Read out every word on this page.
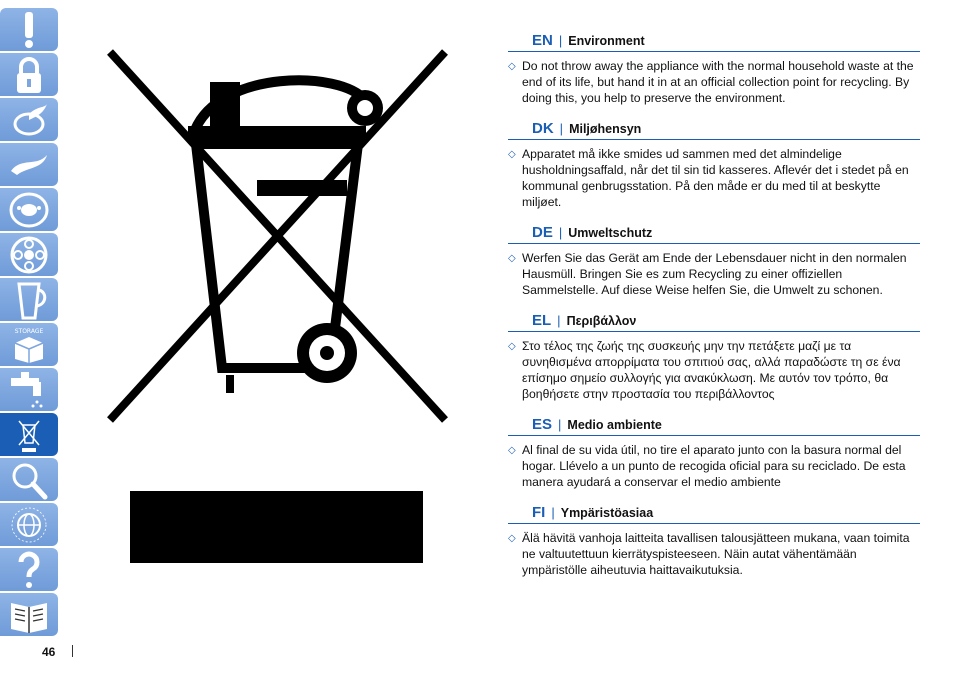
STORAGE
46
EN | Environment
◇ Do not throw away the appliance with the normal household waste at the end of its life, but hand it in at an official collection point for recycling. By doing this, you help to preserve the environment.
DK | Miljøhensyn
◇ Apparatet må ikke smides ud sammen med det almindelige husholdningsaffald, når det til sin tid kasseres. Aflevér det i stedet på en kommunal genbrugsstation. På den måde er du med til at beskytte miljøet.
DE | Umweltschutz
◇ Werfen Sie das Gerät am Ende der Lebensdauer nicht in den normalen Hausmüll. Bringen Sie es zum Recycling zu einer offiziellen Sammelstelle. Auf diese Weise helfen Sie, die Umwelt zu schonen.
EL | Περιβάλλον
◇ Στο τέλος της ζωής της συσκευής μην την πετάξετε μαζί με τα συνηθισμένα απορρίματα του σπιτιού σας, αλλά παραδώστε τη σε ένα επίσημο σημείο συλλογής για ανακύκλωση. Με αυτόν τον τρόπο, θα βοηθήσετε στην προστασία του περιβάλλοντος
ES | Medio ambiente
◇ Al final de su vida útil, no tire el aparato junto con la basura normal del hogar. Llévelo a un punto de recogida oficial para su reciclado. De esta manera ayudará a conservar el medio ambiente
FI | Ympäristöasiaa
◇ Älä hävitä vanhoja laitteita tavallisen talousjätteen mukana, vaan toimita ne valtuutettuun kierrätyspisteeseen. Näin autat vähentämään ympäristölle aiheutuvia haittavaikutuksia.
